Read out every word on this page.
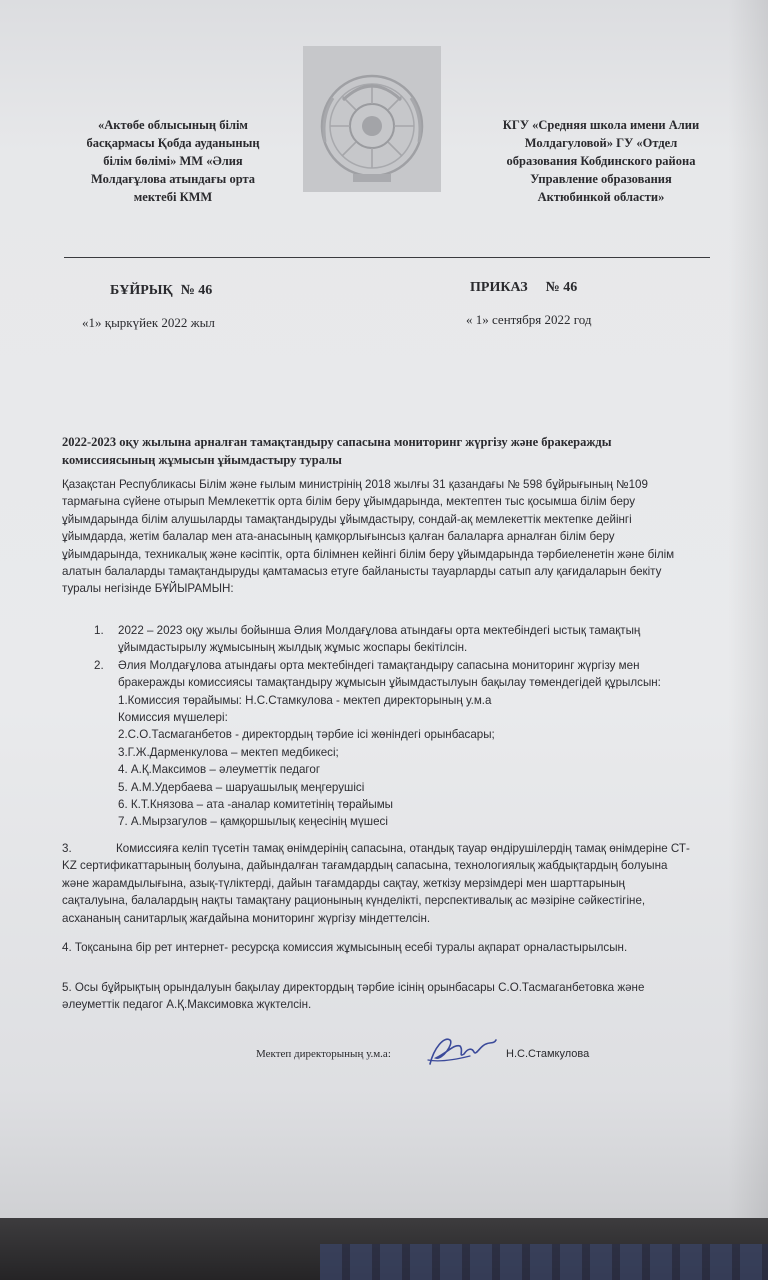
«Актөбе облысының білім
басқармасы Қобда ауданының
білім бөлімі» ММ «Әлия
Молдағұлова атындағы орта
мектебі КММ
КГУ «Средняя школа имени Алии
Молдагуловой» ГУ «Отдел
образования Кобдинского района
Управление образования
Актюбинкой области»
БҰЙРЫҚ № 46	ПРИКАЗ № 46
«1» қыркүйек 2022 жыл	« 1» сентября 2022 год
2022-2023 оқу жылына арналған тамақтандыру сапасына мониторинг жүргізу және бракеражды
комиссиясының жұмысын ұйымдастыру туралы
Қазақстан Республикасы Білім және ғылым министрінің 2018 жылғы 31 қазандағы № 598 бұйрығының №109
тармағына сүйене отырып Мемлекеттік орта білім беру ұйымдарында, мектептен тыс қосымша білім беру
ұйымдарында білім алушыларды тамақтандыруды ұйымдастыру, сондай-ақ мемлекеттік мектепке дейінгі
ұйымдарда, жетім балалар мен ата-анасының қамқорлығынсыз қалған балаларға арналған білім беру
ұйымдарында, техникалық және кәсіптік, орта білімнен кейінгі білім беру ұйымдарында тәрбиеленетін және білім
алатын балаларды тамақтандыруды қамтамасыз етуге байланысты тауарларды сатып алу қағидаларын бекіту
туралы негізінде БҰЙЫРАМЫН:
1. 2022 – 2023 оқу жылы бойынша Әлия Молдағұлова атындағы орта мектебіндегі ыстық тамақтың
ұйымдастырылу жұмысының жылдық жұмыс жоспары бекітілсін.
2. Әлия Молдағұлова атындағы орта мектебіндегі тамақтандыру сапасына мониторинг жүргізу мен
бракеражды комиссиясы тамақтандыру жұмысын ұйымдастылуын бақылау төмендегідей құрылсын:
1.Комиссия төрайымы: Н.С.Стамкулова - мектеп директорының у.м.а
Комиссия мүшелері:
2.С.О.Тасмаганбетов - директордың тәрбие ісі жөніндегі орынбасары;
3.Г.Ж.Дарменкулова – мектеп медбикесі;
4. А.Қ.Максимов – әлеуметтік педагог
5. А.М.Удербаева – шаруашылық меңгерушісі
6. К.Т.Князова – ата -аналар комитетінің төрайымы
7. А.Мырзагулов – қамқоршылық кеңесінің мүшесі
3.	Комиссияға келіп түсетін тамақ өнімдерінің сапасына, отандық тауар өндірушілердің тамақ өнімдеріне СТ-
KZ сертификаттарының болуына, дайындалған тағамдардың сапасына, технологиялық жабдықтардың болуына
және жарамдылығына, азық-түліктерді, дайын тағамдарды сақтау, жеткізу мерзімдері мен шарттарының
сақталуына, балалардың нақты тамақтану рационының күнделікті, перспективалық ас мәзіріне сәйкестігіне,
асхананың санитарлық жағдайына мониторинг жүргізу міндеттелсін.
4. Тоқсанына бір рет интернет- ресурсқа комиссия жұмысының есебі туралы ақпарат орналастырылсын.
5. Осы бұйрықтың орындалуын бақылау директордың тәрбие ісінің орынбасары С.О.Тасмаганбетовка және
әлеуметтік педагог А.Қ.Максимовка жүктелсін.
Мектеп директорының у.м.а:	Н.С.Стамкулова
